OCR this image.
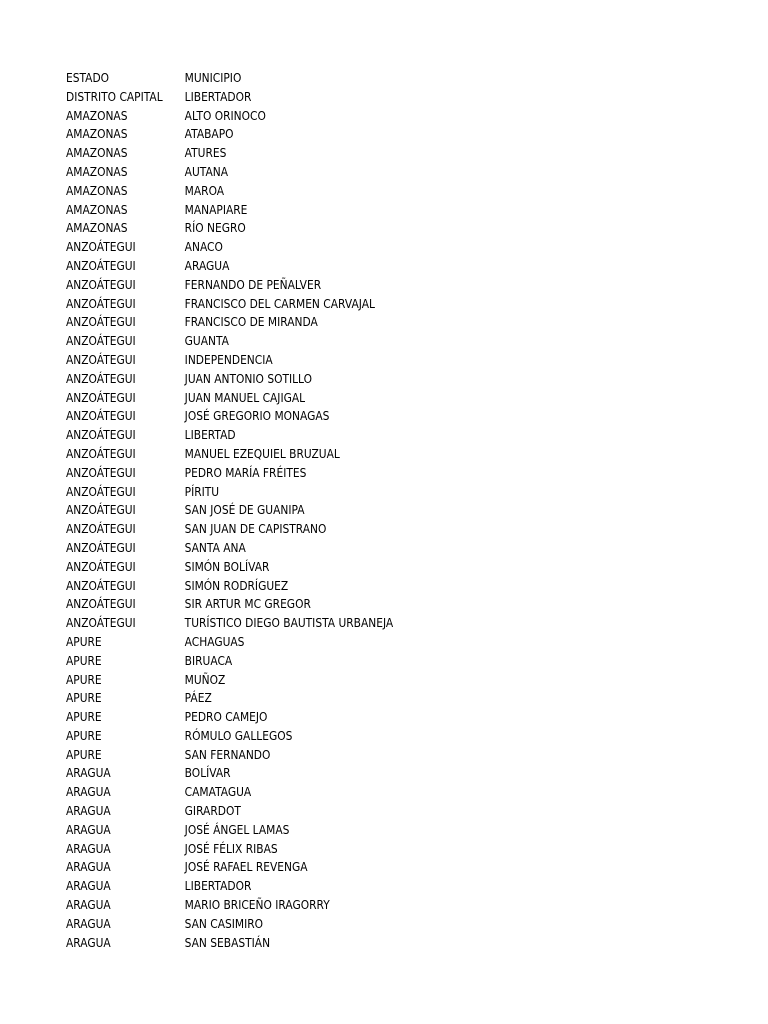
ESTADO	MUNICIPIO
DISTRITO CAPITAL	LIBERTADOR
AMAZONAS	ALTO ORINOCO
AMAZONAS	ATABAPO
AMAZONAS	ATURES
AMAZONAS	AUTANA
AMAZONAS	MAROA
AMAZONAS	MANAPIARE
AMAZONAS	RÍO NEGRO
ANZOÁTEGUI	ANACO
ANZOÁTEGUI	ARAGUA
ANZOÁTEGUI	FERNANDO DE PEÑALVER
ANZOÁTEGUI	FRANCISCO DEL CARMEN CARVAJAL
ANZOÁTEGUI	FRANCISCO DE MIRANDA
ANZOÁTEGUI	GUANTA
ANZOÁTEGUI	INDEPENDENCIA
ANZOÁTEGUI	JUAN ANTONIO SOTILLO
ANZOÁTEGUI	JUAN MANUEL CAJIGAL
ANZOÁTEGUI	JOSÉ GREGORIO MONAGAS
ANZOÁTEGUI	LIBERTAD
ANZOÁTEGUI	MANUEL EZEQUIEL BRUZUAL
ANZOÁTEGUI	PEDRO MARÍA FRÉITES
ANZOÁTEGUI	PÍRITU
ANZOÁTEGUI	SAN JOSÉ DE GUANIPA
ANZOÁTEGUI	SAN JUAN DE CAPISTRANO
ANZOÁTEGUI	SANTA ANA
ANZOÁTEGUI	SIMÓN BOLÍVAR
ANZOÁTEGUI	SIMÓN RODRÍGUEZ
ANZOÁTEGUI	SIR ARTUR MC GREGOR
ANZOÁTEGUI	TURÍSTICO DIEGO BAUTISTA URBANEJA
APURE	ACHAGUAS
APURE	BIRUACA
APURE	MUÑOZ
APURE	PÁEZ
APURE	PEDRO CAMEJO
APURE	RÓMULO GALLEGOS
APURE	SAN FERNANDO
ARAGUA	BOLÍVAR
ARAGUA	CAMATAGUA
ARAGUA	GIRARDOT
ARAGUA	JOSÉ ÁNGEL LAMAS
ARAGUA	JOSÉ FÉLIX RIBAS
ARAGUA	JOSÉ RAFAEL REVENGA
ARAGUA	LIBERTADOR
ARAGUA	MARIO BRICEÑO IRAGORRY
ARAGUA	SAN CASIMIRO
ARAGUA	SAN SEBASTIÁN
